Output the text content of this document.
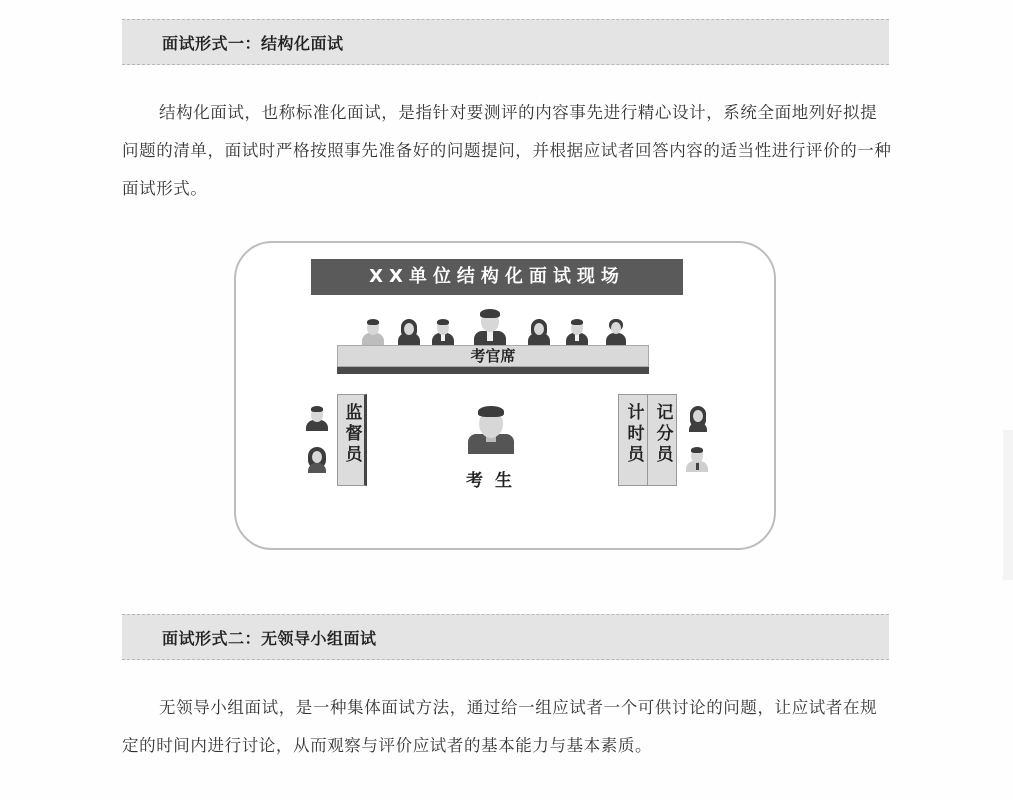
面试形式一：结构化面试
结构化面试，也称标准化面试，是指针对要测评的内容事先进行精心设计，系统全面地列好拟提问题的清单，面试时严格按照事先准备好的问题提问，并根据应试者回答内容的适当性进行评价的一种面试形式。
XX单位结构化面试现场
考官席
监督员
考生
计时员 记分员
面试形式二：无领导小组面试
无领导小组面试，是一种集体面试方法，通过给一组应试者一个可供讨论的问题，让应试者在规定的时间内进行讨论，从而观察与评价应试者的基本能力与基本素质。
